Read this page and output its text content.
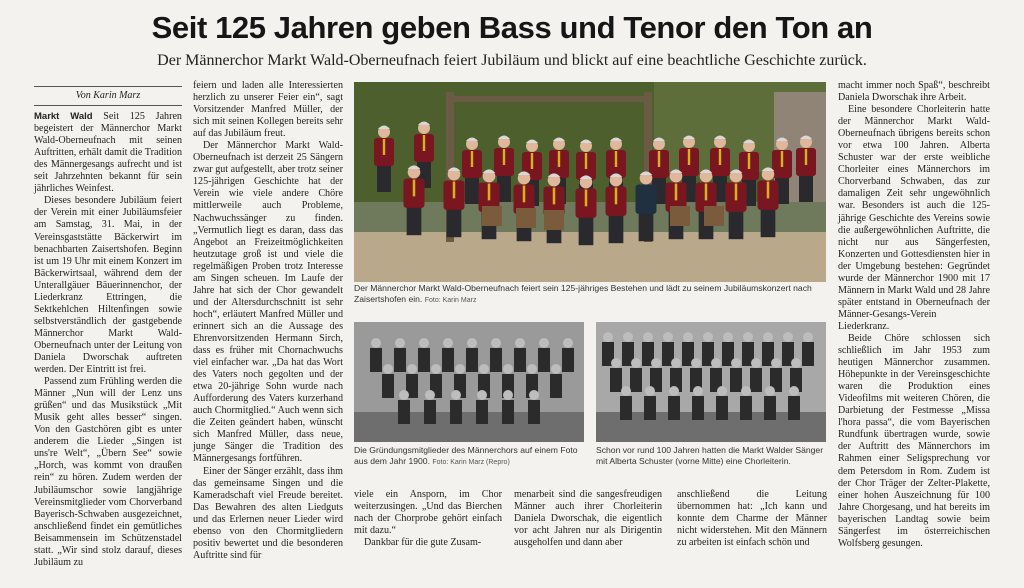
Seit 125 Jahren geben Bass und Tenor den Ton an
Der Männerchor Markt Wald-Oberneufnach feiert Jubiläum und blickt auf eine beachtliche Geschichte zurück.
Von Karin Marz

Markt Wald Seit 125 Jahren begeistert der Männerchor Markt Wald-Oberneufnach mit seinen Auftritten, erhält damit die Tradition des Männergesangs aufrecht und ist seit Jahrzehnten bekannt für sein jährliches Weinfest.

Dieses besondere Jubiläum feiert der Verein mit einer Jubiläumsfeier am Samstag, 31. Mai, in der Vereinsgaststätte Bäckerwirt im benachbarten Zaisertshofen. Beginn ist um 19 Uhr mit einem Konzert im Bäckerwirtsaal, während dem der Unterallgäuer Bäuerinnenchor, der Liederkranz Ettringen, die Sektkehlchen Hiltenfingen sowie selbstverständlich der gastgebende Männerchor Markt Wald-Oberneufnach unter der Leitung von Daniela Dworschak auftreten werden. Der Eintritt ist frei.

Passend zum Frühling werden die Männer „Nun will der Lenz uns grüßen“ und das Musikstück „Mit Musik geht alles besser“ singen. Von den Gastchören gibt es unter anderem die Lieder „Singen ist uns're Welt“, „Übern See“ sowie „Horch, was kommt von draußen rein“ zu hören. Zudem werden der Jubiläumschor sowie langjährige Vereinsmitglieder vom Chorverband Bayerisch-Schwaben ausgezeichnet, anschließend findet ein gemütliches Beisammensein im Schützenstadel statt. „Wir sind stolz darauf, dieses Jubiläum zu

feiern und laden alle Interessierten herzlich zu unserer Feier ein“, sagt Vorsitzender Manfred Müller, der sich mit seinen Kollegen bereits sehr auf das Jubiläum freut.

Der Männerchor Markt Wald-Oberneufnach ist derzeit 25 Sängern zwar gut aufgestellt, aber trotz seiner 125-jährigen Geschichte hat der Verein wie viele andere Chöre mittlerweile auch Probleme, Nachwuchssänger zu finden. „Vermutlich liegt es daran, dass das Angebot an Freizeitmöglichkeiten heutzutage groß ist und viele die regelmäßigen Proben trotz Interesse am Singen scheuen. Im Laufe der Jahre hat sich der Chor gewandelt und der Altersdurchschnitt ist sehr hoch“, erläutert Manfred Müller und erinnert sich an die Aussage des Ehrenvorsitzenden Hermann Sirch, dass es früher mit Chornachwuchs viel einfacher war. „Da hat das Wort des Vaters noch gegolten und der etwa 20-jährige Sohn wurde nach Aufforderung des Vaters kurzerhand auch Chormitglied.“ Auch wenn sich die Zeiten geändert haben, wünscht sich Manfred Müller, dass neue, junge Sänger die Tradition des Männergesangs fortführen.

Einer der Sänger erzählt, dass ihm das gemeinsame Singen und die Kameradschaft viel Freude bereitet. Das Bewahren des alten Liedguts und das Erlernen neuer Lieder wird ebenso von den Chormitgliedern positiv bewertet und die besonderen Auftritte sind für

Der Männerchor Markt Wald-Oberneufnach feiert sein 125-jähriges Bestehen und lädt zu seinem Jubiläumskonzert nach Zaisertshofen ein. Foto: Karin Marz
Die Gründungsmitglieder des Männerchors auf einem Foto aus dem Jahr 1900. Foto: Karin Marz (Repro)
Schon vor rund 100 Jahren hatten die Markt Walder Sänger mit Alberta Schuster (vorne Mitte) eine Chorleiterin.

viele ein Ansporn, im Chor weiterzusingen. „Und das Bierchen nach der Chorprobe gehört einfach mit dazu.“

Dankbar für die gute Zusam-

menarbeit sind die sangesfreudigen Männer auch ihrer Chorleiterin Daniela Dworschak, die eigentlich vor acht Jahren nur als Dirigentin ausgeholfen und dann aber

anschließend die Leitung übernommen hat: „Ich kann und konnte dem Charme der Männer nicht widerstehen. Mit den Männern zu arbeiten ist einfach schön und

macht immer noch Spaß“, beschreibt Daniela Dworschak ihre Arbeit.

Eine besondere Chorleiterin hatte der Männerchor Markt Wald-Oberneufnach übrigens bereits schon vor etwa 100 Jahren. Alberta Schuster war der erste weibliche Chorleiter eines Männerchors im Chorverband Schwaben, das zur damaligen Zeit sehr ungewöhnlich war. Besonders ist auch die 125-jährige Geschichte des Vereins sowie die außergewöhnlichen Auftritte, die nicht nur aus Sängerfesten, Konzerten und Gottesdiensten hier in der Umgebung bestehen: Gegründet wurde der Männerchor 1900 mit 17 Männern in Markt Wald und 28 Jahre später entstand in Oberneufnach der Männer-Gesangs-Verein Liederkranz.

Beide Chöre schlossen sich schließlich im Jahr 1953 zum heutigen Männerchor zusammen. Höhepunkte in der Vereinsgeschichte waren die Produktion eines Videofilms mit weiteren Chören, die Darbietung der Festmesse „Missa l'hora passa“, die vom Bayerischen Rundfunk übertragen wurde, sowie der Auftritt des Männerchors im Rahmen einer Seligsprechung vor dem Petersdom in Rom. Zudem ist der Chor Träger der Zelter-Plakette, einer hohen Auszeichnung für 100 Jahre Chorgesang, und hat bereits im bayerischen Landtag sowie beim Sängerfest im österreichischen Wolfsberg gesungen.
